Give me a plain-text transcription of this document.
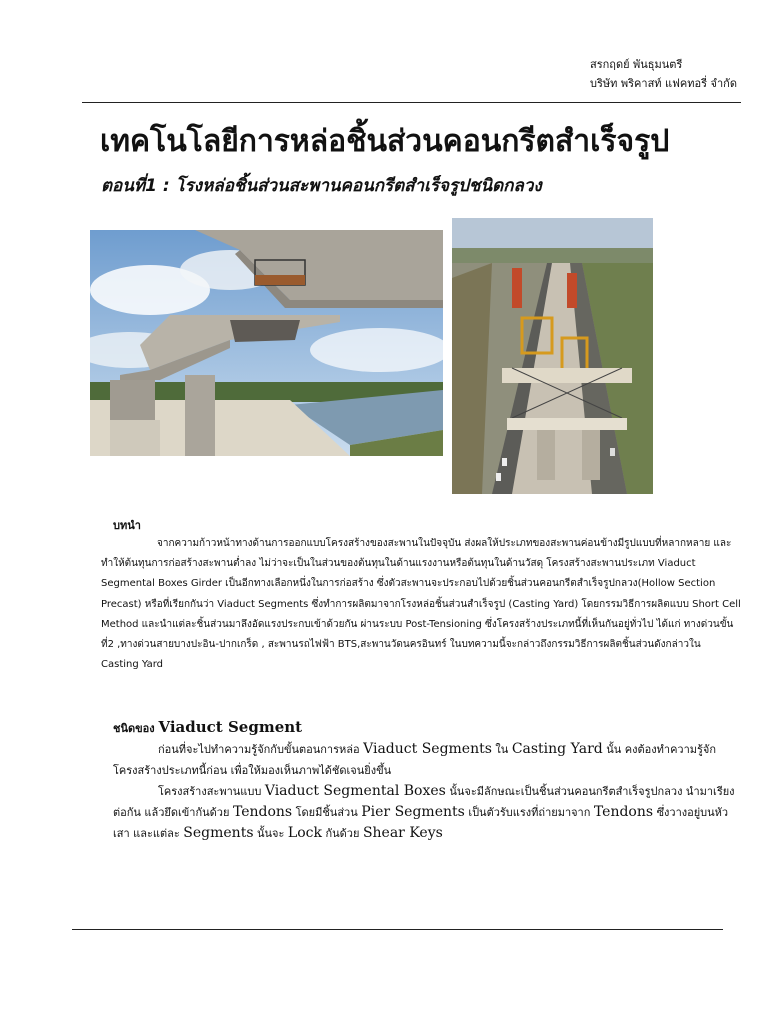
สรกฤดย์ พันธุมนตรี
บริษัท พริคาสท์ แฟคทอรี่ จำกัด
เทคโนโลยีการหล่อชิ้นส่วนคอนกรีตสำเร็จรูป
ตอนที่1 : โรงหล่อชิ้นส่วนสะพานคอนกรีตสำเร็จรูปชนิดกลวง
บทนำ
จากความก้าวหน้าทางด้านการออกแบบโครงสร้างของสะพานในปัจจุบัน ส่งผลให้ประเภทของสะพานค่อนข้างมีรูปแบบที่หลากหลาย และทำให้ต้นทุนการก่อสร้างสะพานต่ำลง ไม่ว่าจะเป็นในส่วนของต้นทุนในด้านแรงงานหรือต้นทุนในด้านวัสดุ โครงสร้างสะพานประเภท Viaduct Segmental Boxes Girder เป็นอีกทางเลือกหนึ่งในการก่อสร้าง ซึ่งตัวสะพานจะประกอบไปด้วยชิ้นส่วนคอนกรีตสำเร็จรูปกลวง(Hollow Section Precast) หรือที่เรียกกันว่า Viaduct Segments ซึ่งทำการผลิตมาจากโรงหล่อชิ้นส่วนสำเร็จรูป (Casting Yard) โดยกรรมวิธีการผลิตแบบ Short Cell Method และนำแต่ละชิ้นส่วนมาลึงอัดแรงประกบเข้าด้วยกัน ผ่านระบบ Post-Tensioning ซึ่งโครงสร้างประเภทนี้ที่เห็นกันอยู่ทั่วไป ได้แก่ ทางด่วนขั้นที่2 ,ทางด่วนสายบางปะอิน-ปากเกร็ด , สะพานรถไฟฟ้า BTS,สะพานวัดนครอินทร์ ในบทความนี้จะกล่าวถึงกรรมวิธีการผลิตชิ้นส่วนดังกล่าวใน Casting Yard
ชนิดของ Viaduct Segment
ก่อนที่จะไปทำความรู้จักกับขั้นตอนการหล่อ Viaduct Segments ใน Casting Yard นั้น คงต้องทำความรู้จักโครงสร้างประเภทนี้ก่อน เพื่อให้มองเห็นภาพได้ชัดเจนยิ่งขึ้น
โครงสร้างสะพานแบบ Viaduct Segmental Boxes นั้นจะมีลักษณะเป็นชิ้นส่วนคอนกรีตสำเร็จรูปกลวง นำมาเรียงต่อกัน แล้วยึดเข้ากันด้วย Tendons โดยมีชิ้นส่วน Pier Segments เป็นตัวรับแรงที่ถ่ายมาจาก Tendons ซึ่งวางอยู่บนหัวเสา และแต่ละ Segments นั้นจะ Lock กันด้วย Shear Keys
